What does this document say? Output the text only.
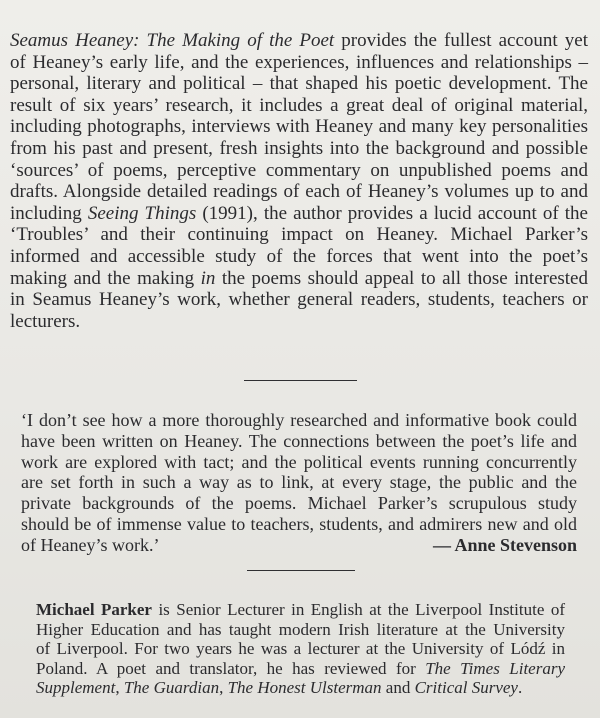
Seamus Heaney: The Making of the Poet provides the fullest account yet
of Heaney’s early life, and the experiences, influences and relationships –
personal, literary and political – that shaped his poetic development. The
result of six years’ research, it includes a great deal of original material,
including photographs, interviews with Heaney and many key personalities
from his past and present, fresh insights into the background and possible
‘sources’ of poems, perceptive commentary on unpublished poems and
drafts. Alongside detailed readings of each of Heaney’s volumes up to and
including Seeing Things (1991), the author provides a lucid account of the
‘Troubles’ and their continuing impact on Heaney. Michael Parker’s
informed and accessible study of the forces that went into the poet’s
making and the making in the poems should appeal to all those interested
in Seamus Heaney’s work, whether general readers, students, teachers or
lecturers.
‘I don’t see how a more thoroughly researched and informative book could
have been written on Heaney. The connections between the poet’s life and
work are explored with tact; and the political events running concurrently
are set forth in such a way as to link, at every stage, the public and the
private backgrounds of the poems. Michael Parker’s scrupulous study
should be of immense value to teachers, students, and admirers new and old
of Heaney’s work.’	— Anne Stevenson
Michael Parker is Senior Lecturer in English at the Liverpool Institute of
Higher Education and has taught modern Irish literature at the University
of Liverpool. For two years he was a lecturer at the University of Lódź in
Poland. A poet and translator, he has reviewed for The Times Literary
Supplement, The Guardian, The Honest Ulsterman and Critical Survey.
